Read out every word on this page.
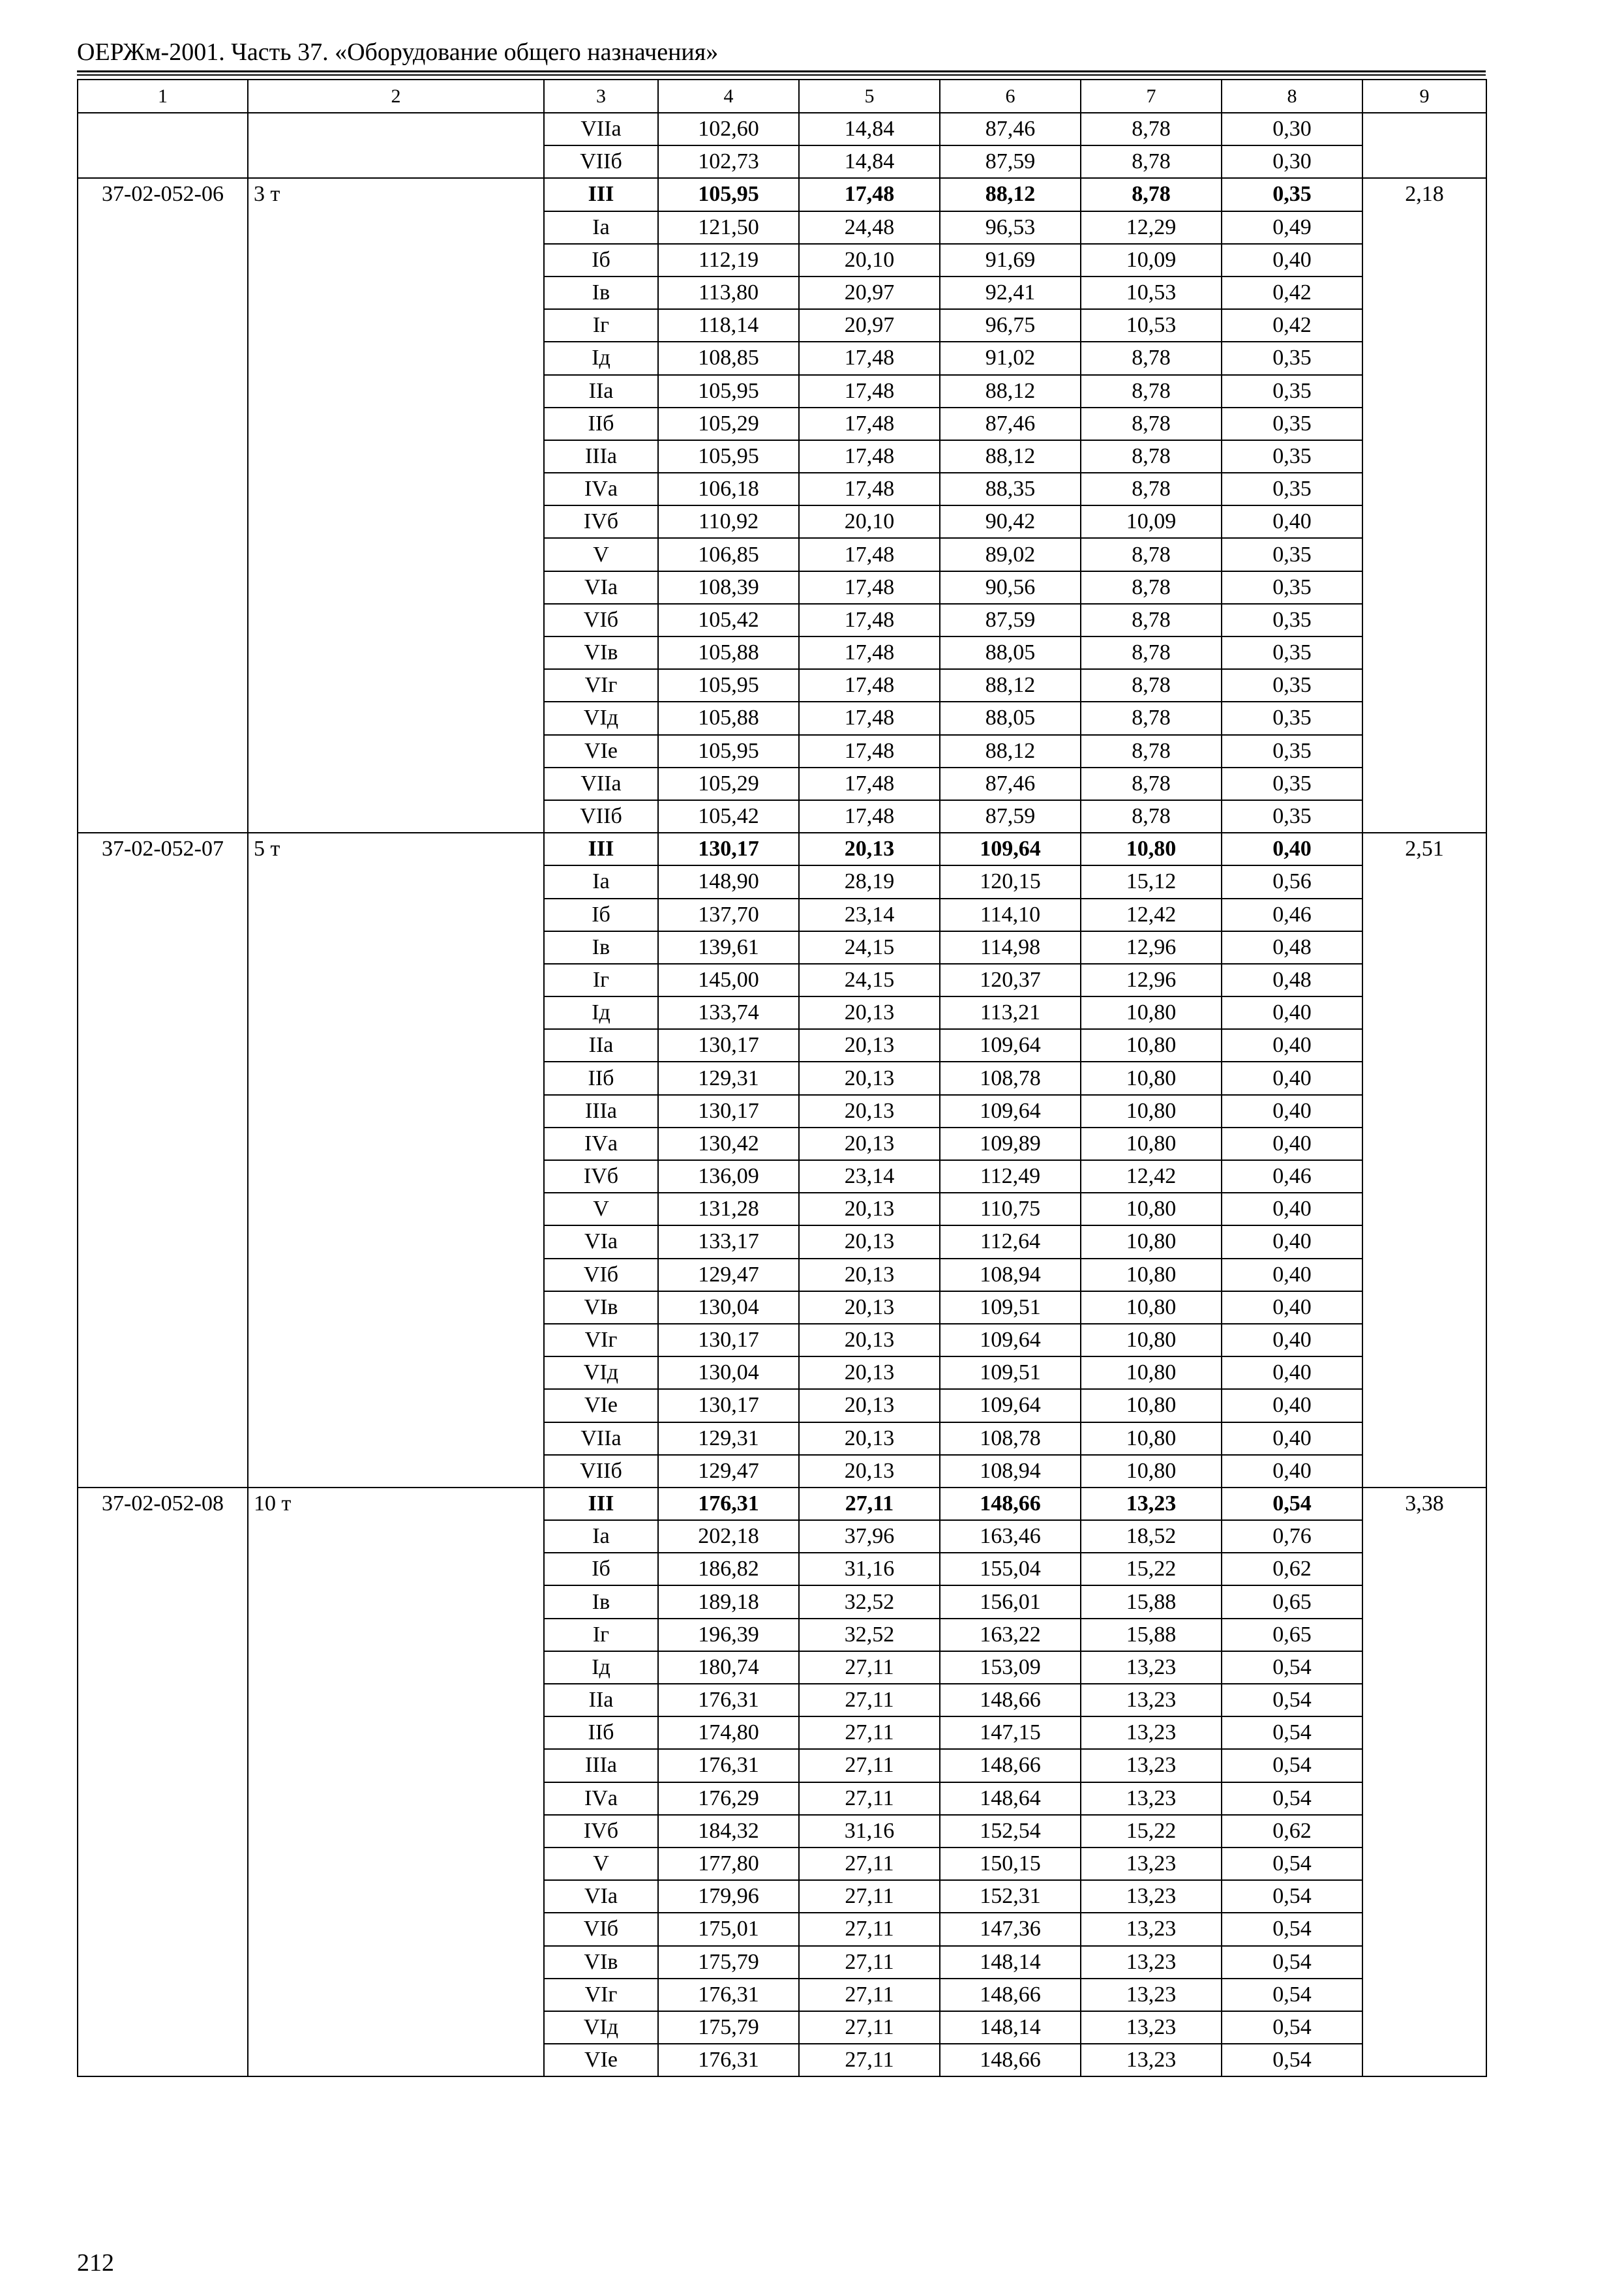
ОЕРЖм-2001. Часть 37. «Оборудование общего назначения»
1	2	3	4	5	6	7	8	9
		VIIа	102,60	14,84	87,46	8,78	0,30	
		VIIб	102,73	14,84	87,59	8,78	0,30	
37-02-052-06	3 т	III	105,95	17,48	88,12	8,78	0,35	2,18
		Iа	121,50	24,48	96,53	12,29	0,49	
		Iб	112,19	20,10	91,69	10,09	0,40	
		Iв	113,80	20,97	92,41	10,53	0,42	
		Iг	118,14	20,97	96,75	10,53	0,42	
		Iд	108,85	17,48	91,02	8,78	0,35	
		IIа	105,95	17,48	88,12	8,78	0,35	
		IIб	105,29	17,48	87,46	8,78	0,35	
		IIIа	105,95	17,48	88,12	8,78	0,35	
		IVа	106,18	17,48	88,35	8,78	0,35	
		IVб	110,92	20,10	90,42	10,09	0,40	
		V	106,85	17,48	89,02	8,78	0,35	
		VIа	108,39	17,48	90,56	8,78	0,35	
		VIб	105,42	17,48	87,59	8,78	0,35	
		VIв	105,88	17,48	88,05	8,78	0,35	
		VIг	105,95	17,48	88,12	8,78	0,35	
		VIд	105,88	17,48	88,05	8,78	0,35	
		VIе	105,95	17,48	88,12	8,78	0,35	
		VIIа	105,29	17,48	87,46	8,78	0,35	
		VIIб	105,42	17,48	87,59	8,78	0,35	
37-02-052-07	5 т	III	130,17	20,13	109,64	10,80	0,40	2,51
		Iа	148,90	28,19	120,15	15,12	0,56	
		Iб	137,70	23,14	114,10	12,42	0,46	
		Iв	139,61	24,15	114,98	12,96	0,48	
		Iг	145,00	24,15	120,37	12,96	0,48	
		Iд	133,74	20,13	113,21	10,80	0,40	
		IIа	130,17	20,13	109,64	10,80	0,40	
		IIб	129,31	20,13	108,78	10,80	0,40	
		IIIа	130,17	20,13	109,64	10,80	0,40	
		IVа	130,42	20,13	109,89	10,80	0,40	
		IVб	136,09	23,14	112,49	12,42	0,46	
		V	131,28	20,13	110,75	10,80	0,40	
		VIа	133,17	20,13	112,64	10,80	0,40	
		VIб	129,47	20,13	108,94	10,80	0,40	
		VIв	130,04	20,13	109,51	10,80	0,40	
		VIг	130,17	20,13	109,64	10,80	0,40	
		VIд	130,04	20,13	109,51	10,80	0,40	
		VIе	130,17	20,13	109,64	10,80	0,40	
		VIIа	129,31	20,13	108,78	10,80	0,40	
		VIIб	129,47	20,13	108,94	10,80	0,40	
37-02-052-08	10 т	III	176,31	27,11	148,66	13,23	0,54	3,38
		Iа	202,18	37,96	163,46	18,52	0,76	
		Iб	186,82	31,16	155,04	15,22	0,62	
		Iв	189,18	32,52	156,01	15,88	0,65	
		Iг	196,39	32,52	163,22	15,88	0,65	
		Iд	180,74	27,11	153,09	13,23	0,54	
		IIа	176,31	27,11	148,66	13,23	0,54	
		IIб	174,80	27,11	147,15	13,23	0,54	
		IIIа	176,31	27,11	148,66	13,23	0,54	
		IVа	176,29	27,11	148,64	13,23	0,54	
		IVб	184,32	31,16	152,54	15,22	0,62	
		V	177,80	27,11	150,15	13,23	0,54	
		VIа	179,96	27,11	152,31	13,23	0,54	
		VIб	175,01	27,11	147,36	13,23	0,54	
		VIв	175,79	27,11	148,14	13,23	0,54	
		VIг	176,31	27,11	148,66	13,23	0,54	
		VIд	175,79	27,11	148,14	13,23	0,54	
		VIе	176,31	27,11	148,66	13,23	0,54	
212
